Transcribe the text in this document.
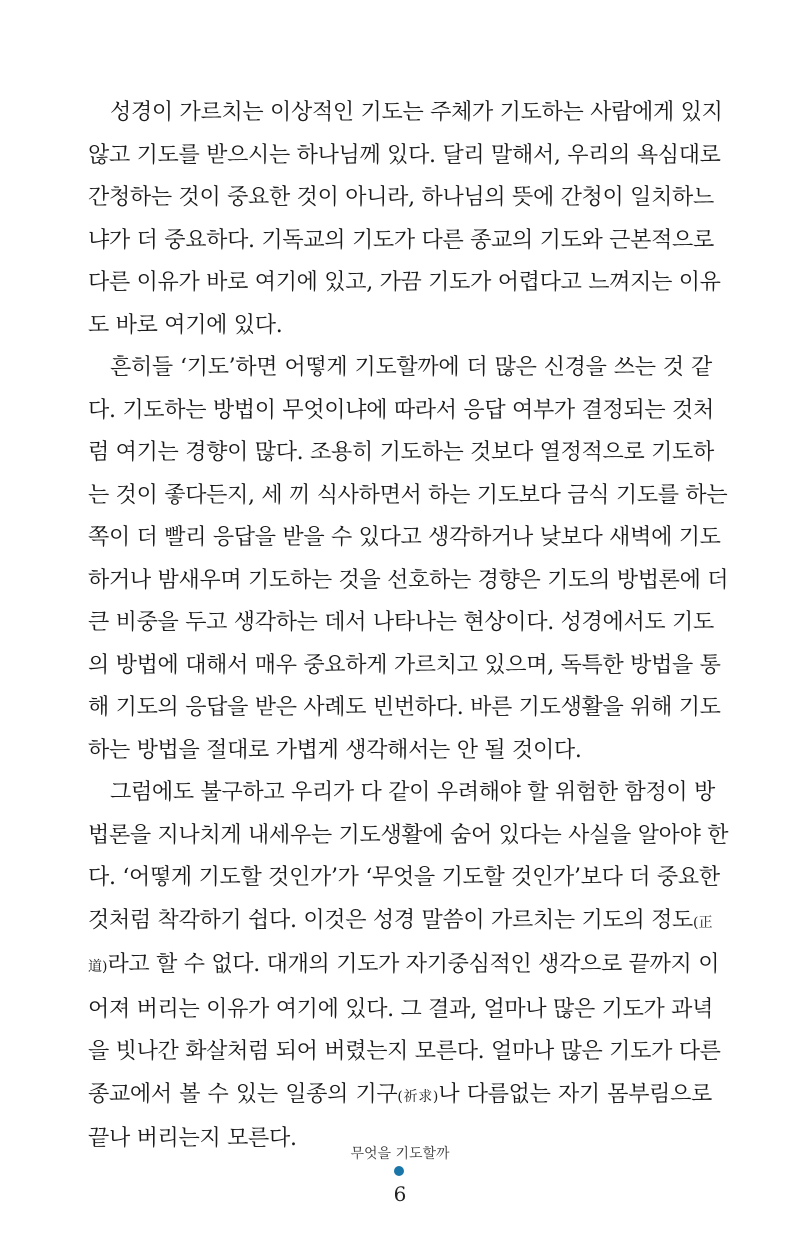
성경이 가르치는 이상적인 기도는 주체가 기도하는 사람에게 있지
않고 기도를 받으시는 하나님께 있다. 달리 말해서, 우리의 욕심대로
간청하는 것이 중요한 것이 아니라, 하나님의 뜻에 간청이 일치하느
냐가 더 중요하다. 기독교의 기도가 다른 종교의 기도와 근본적으로
다른 이유가 바로 여기에 있고, 가끔 기도가 어렵다고 느껴지는 이유
도 바로 여기에 있다.

흔히들 ‘기도’하면 어떻게 기도할까에 더 많은 신경을 쓰는 것 같
다. 기도하는 방법이 무엇이냐에 따라서 응답 여부가 결정되는 것처
럼 여기는 경향이 많다. 조용히 기도하는 것보다 열정적으로 기도하
는 것이 좋다든지, 세 끼 식사하면서 하는 기도보다 금식 기도를 하는
쪽이 더 빨리 응답을 받을 수 있다고 생각하거나 낮보다 새벽에 기도
하거나 밤새우며 기도하는 것을 선호하는 경향은 기도의 방법론에 더
큰 비중을 두고 생각하는 데서 나타나는 현상이다. 성경에서도 기도
의 방법에 대해서 매우 중요하게 가르치고 있으며, 독특한 방법을 통
해 기도의 응답을 받은 사례도 빈번하다. 바른 기도생활을 위해 기도
하는 방법을 절대로 가볍게 생각해서는 안 될 것이다.

그럼에도 불구하고 우리가 다 같이 우려해야 할 위험한 함정이 방
법론을 지나치게 내세우는 기도생활에 숨어 있다는 사실을 알아야 한
다. ‘어떻게 기도할 것인가’가 ‘무엇을 기도할 것인가’보다 더 중요한
것처럼 착각하기 쉽다. 이것은 성경 말씀이 가르치는 기도의 정도(正
道)라고 할 수 없다. 대개의 기도가 자기중심적인 생각으로 끝까지 이
어져 버리는 이유가 여기에 있다. 그 결과, 얼마나 많은 기도가 과녁
을 빗나간 화살처럼 되어 버렸는지 모른다. 얼마나 많은 기도가 다른
종교에서 볼 수 있는 일종의 기구(祈求)나 다름없는 자기 몸부림으로
끝나 버리는지 모른다.

무엇을 기도할까
6
